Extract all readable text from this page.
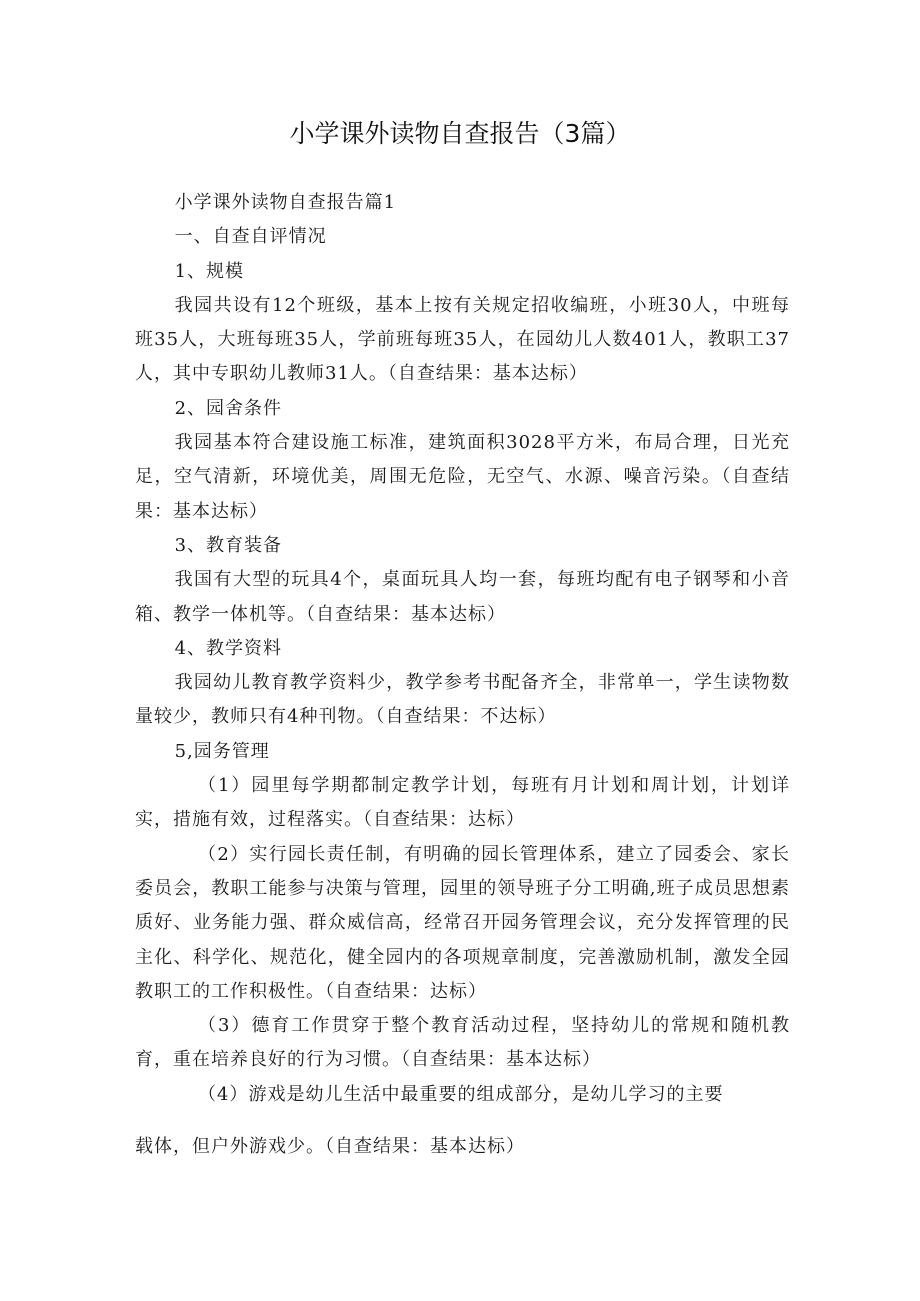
小学课外读物自查报告（3篇）

小学课外读物自查报告篇1

一、自查自评情况

1、规模

我园共设有12个班级，基本上按有关规定招收编班，小班30人，中班每班35人，大班每班35人，学前班每班35人，在园幼儿人数401人，教职工37人，其中专职幼儿教师31人。（自查结果：基本达标）

2、园舍条件

我园基本符合建设施工标准，建筑面积3028平方米，布局合理，日光充足，空气清新，环境优美，周围无危险，无空气、水源、噪音污染。（自查结果：基本达标）

3、教育装备

我国有大型的玩具4个，桌面玩具人均一套，每班均配有电子钢琴和小音箱、教学一体机等。（自查结果：基本达标）

4、教学资料

我园幼儿教育教学资料少，教学参考书配备齐全，非常单一，学生读物数量较少，教师只有4种刊物。（自查结果：不达标）

5,园务管理

（1）园里每学期都制定教学计划，每班有月计划和周计划，计划详实，措施有效，过程落实。（自查结果：达标）

（2）实行园长责任制，有明确的园长管理体系，建立了园委会、家长委员会，教职工能参与决策与管理，园里的领导班子分工明确,班子成员思想素质好、业务能力强、群众威信高，经常召开园务管理会议，充分发挥管理的民主化、科学化、规范化，健全园内的各项规章制度，完善激励机制，激发全园教职工的工作积极性。（自查结果：达标）

（3）德育工作贯穿于整个教育活动过程，坚持幼儿的常规和随机教育，重在培养良好的行为习惯。（自查结果：基本达标）

（4）游戏是幼儿生活中最重要的组成部分，是幼儿学习的主要

载体，但户外游戏少。（自查结果：基本达标）
